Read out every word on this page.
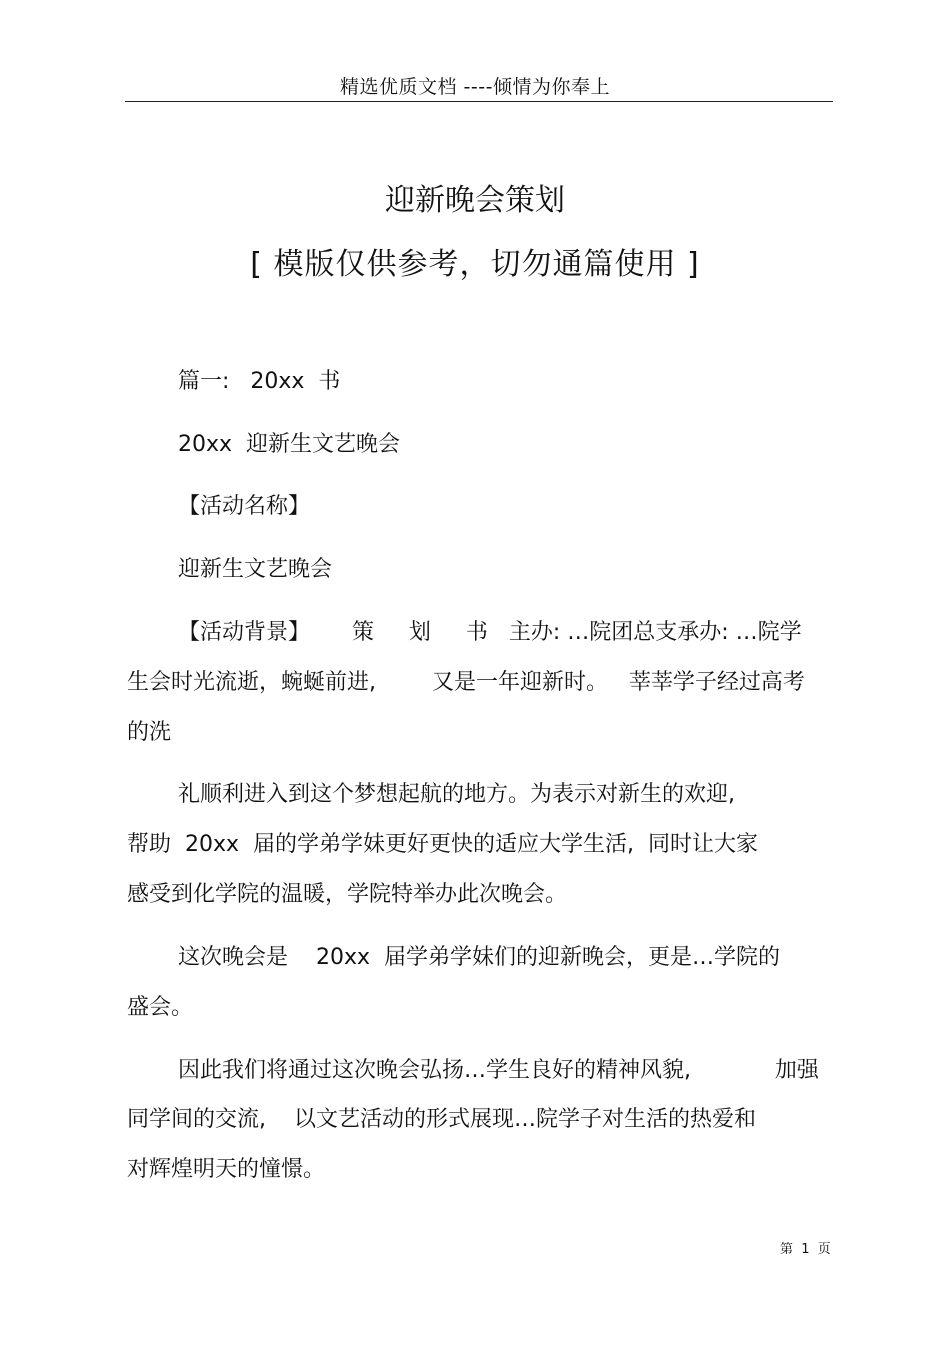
精选优质文档 ----倾情为你奉上
迎新晚会策划
[ 模版仅供参考，切勿通篇使用 ]
篇一:   20xx  书
20xx  迎新生文艺晚会
【活动名称】
迎新生文艺晚会
【活动背景】      策     划     书   主办: …院团总支承办: …院学
生会时光流逝，蜿蜒前进,        又是一年迎新时。   莘莘学子经过高考
的洗
礼顺利进入到这个梦想起航的地方。为表示对新生的欢迎,
帮助  20xx  届的学弟学妹更好更快的适应大学生活,  同时让大家
感受到化学院的温暖，学院特举办此次晚会。
这次晚会是    20xx  届学弟学妹们的迎新晚会，更是…学院的
盛会。
因此我们将通过这次晚会弘扬…学生良好的精神风貌,            加强
同学间的交流,    以文艺活动的形式展现…院学子对生活的热爱和
对辉煌明天的憧憬。
第  1  页
